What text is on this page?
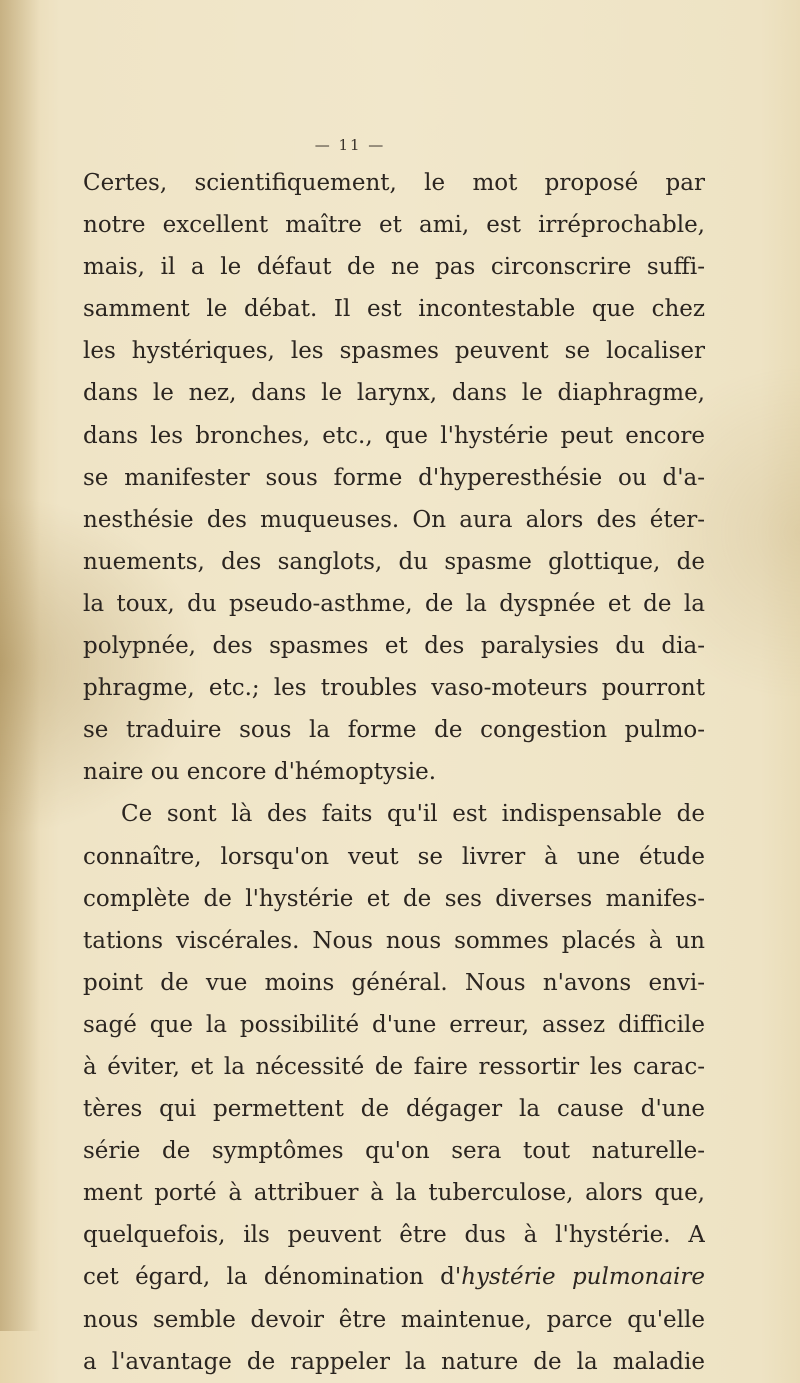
— 11 —
Certes, scientifiquement, le mot proposé par
notre excellent maître et ami, est irréprochable,
mais, il a le défaut de ne pas circonscrire suffi-
samment le débat. Il est incontestable que chez
les hystériques, les spasmes peuvent se localiser
dans le nez, dans le larynx, dans le diaphragme,
dans les bronches, etc., que l'hystérie peut encore
se manifester sous forme d'hyperesthésie ou d'a-
nesthésie des muqueuses. On aura alors des éter-
nuements, des sanglots, du spasme glottique, de
la toux, du pseudo-asthme, de la dyspnée et de la
polypnée, des spasmes et des paralysies du dia-
phragme, etc.; les troubles vaso-moteurs pourront
se traduire sous la forme de congestion pulmo-
naire ou encore d'hémoptysie.
Ce sont là des faits qu'il est indispensable de
connaître, lorsqu'on veut se livrer à une étude
complète de l'hystérie et de ses diverses manifes-
tations viscérales. Nous nous sommes placés à un
point de vue moins général. Nous n'avons envi-
sagé que la possibilité d'une erreur, assez difficile
à éviter, et la nécessité de faire ressortir les carac-
tères qui permettent de dégager la cause d'une
série de symptômes qu'on sera tout naturelle-
ment porté à attribuer à la tuberculose, alors que,
quelquefois, ils peuvent être dus à l'hystérie. A
cet égard, la dénomination d'hystérie pulmonaire
nous semble devoir être maintenue, parce qu'elle
a l'avantage de rappeler la nature de la maladie
